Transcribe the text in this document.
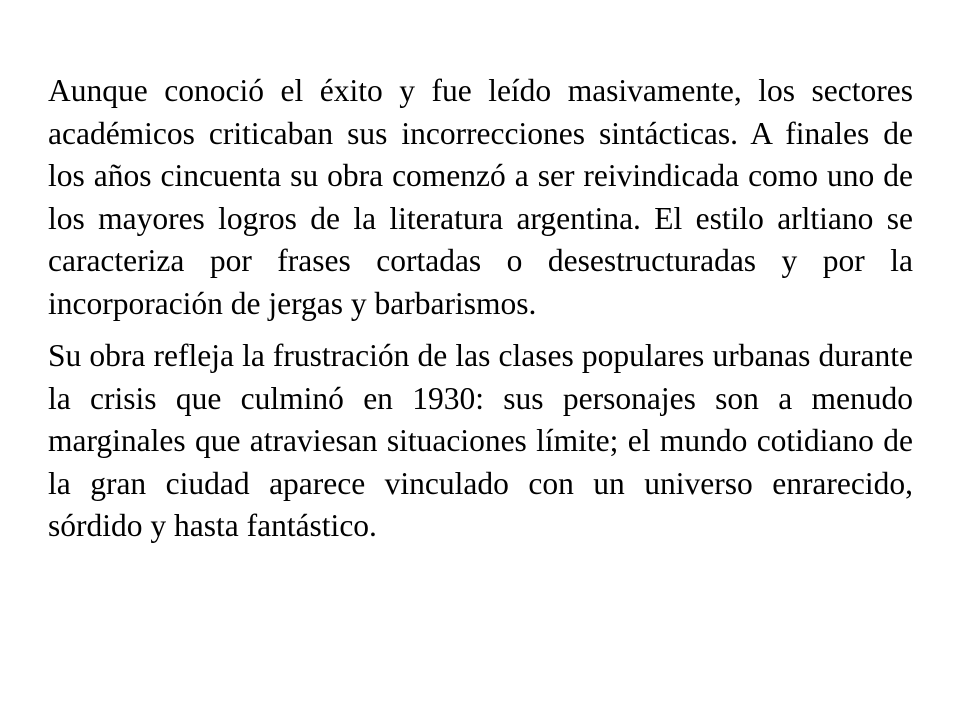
Aunque conoció el éxito y fue leído masivamente, los sectores académicos criticaban sus incorrecciones sintácticas. A finales de los años cincuenta su obra comenzó a ser reivindicada como uno de los mayores logros de la literatura argentina. El estilo arltiano se caracteriza por frases cortadas o desestructuradas y por la incorporación de jergas y barbarismos.

Su obra refleja la frustración de las clases populares urbanas durante la crisis que culminó en 1930: sus personajes son a menudo marginales que atraviesan situaciones límite; el mundo cotidiano de la gran ciudad aparece vinculado con un universo enrarecido, sórdido y hasta fantástico.
